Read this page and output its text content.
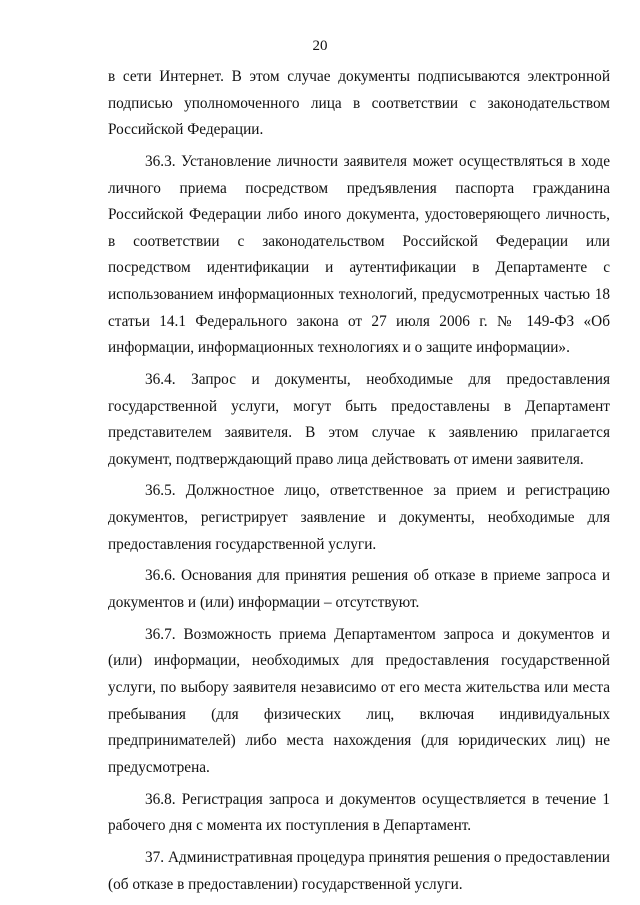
20

в сети Интернет. В этом случае документы подписываются электронной подписью уполномоченного лица в соответствии с законодательством Российской Федерации.

36.3. Установление личности заявителя может осуществляться в ходе личного приема посредством предъявления паспорта гражданина Российской Федерации либо иного документа, удостоверяющего личность, в соответствии с законодательством Российской Федерации или посредством идентификации и аутентификации в Департаменте с использованием информационных технологий, предусмотренных частью 18 статьи 14.1 Федерального закона от 27 июля 2006 г. № 149-ФЗ «Об информации, информационных технологиях и о защите информации».

36.4. Запрос и документы, необходимые для предоставления государственной услуги, могут быть предоставлены в Департамент представителем заявителя. В этом случае к заявлению прилагается документ, подтверждающий право лица действовать от имени заявителя.

36.5. Должностное лицо, ответственное за прием и регистрацию документов, регистрирует заявление и документы, необходимые для предоставления государственной услуги.

36.6. Основания для принятия решения об отказе в приеме запроса и документов и (или) информации – отсутствуют.

36.7. Возможность приема Департаментом запроса и документов и (или) информации, необходимых для предоставления государственной услуги, по выбору заявителя независимо от его места жительства или места пребывания (для физических лиц, включая индивидуальных предпринимателей) либо места нахождения (для юридических лиц) не предусмотрена.

36.8. Регистрация запроса и документов осуществляется в течение 1 рабочего дня с момента их поступления в Департамент.

37. Административная процедура принятия решения о предоставлении (об отказе в предоставлении) государственной услуги.
